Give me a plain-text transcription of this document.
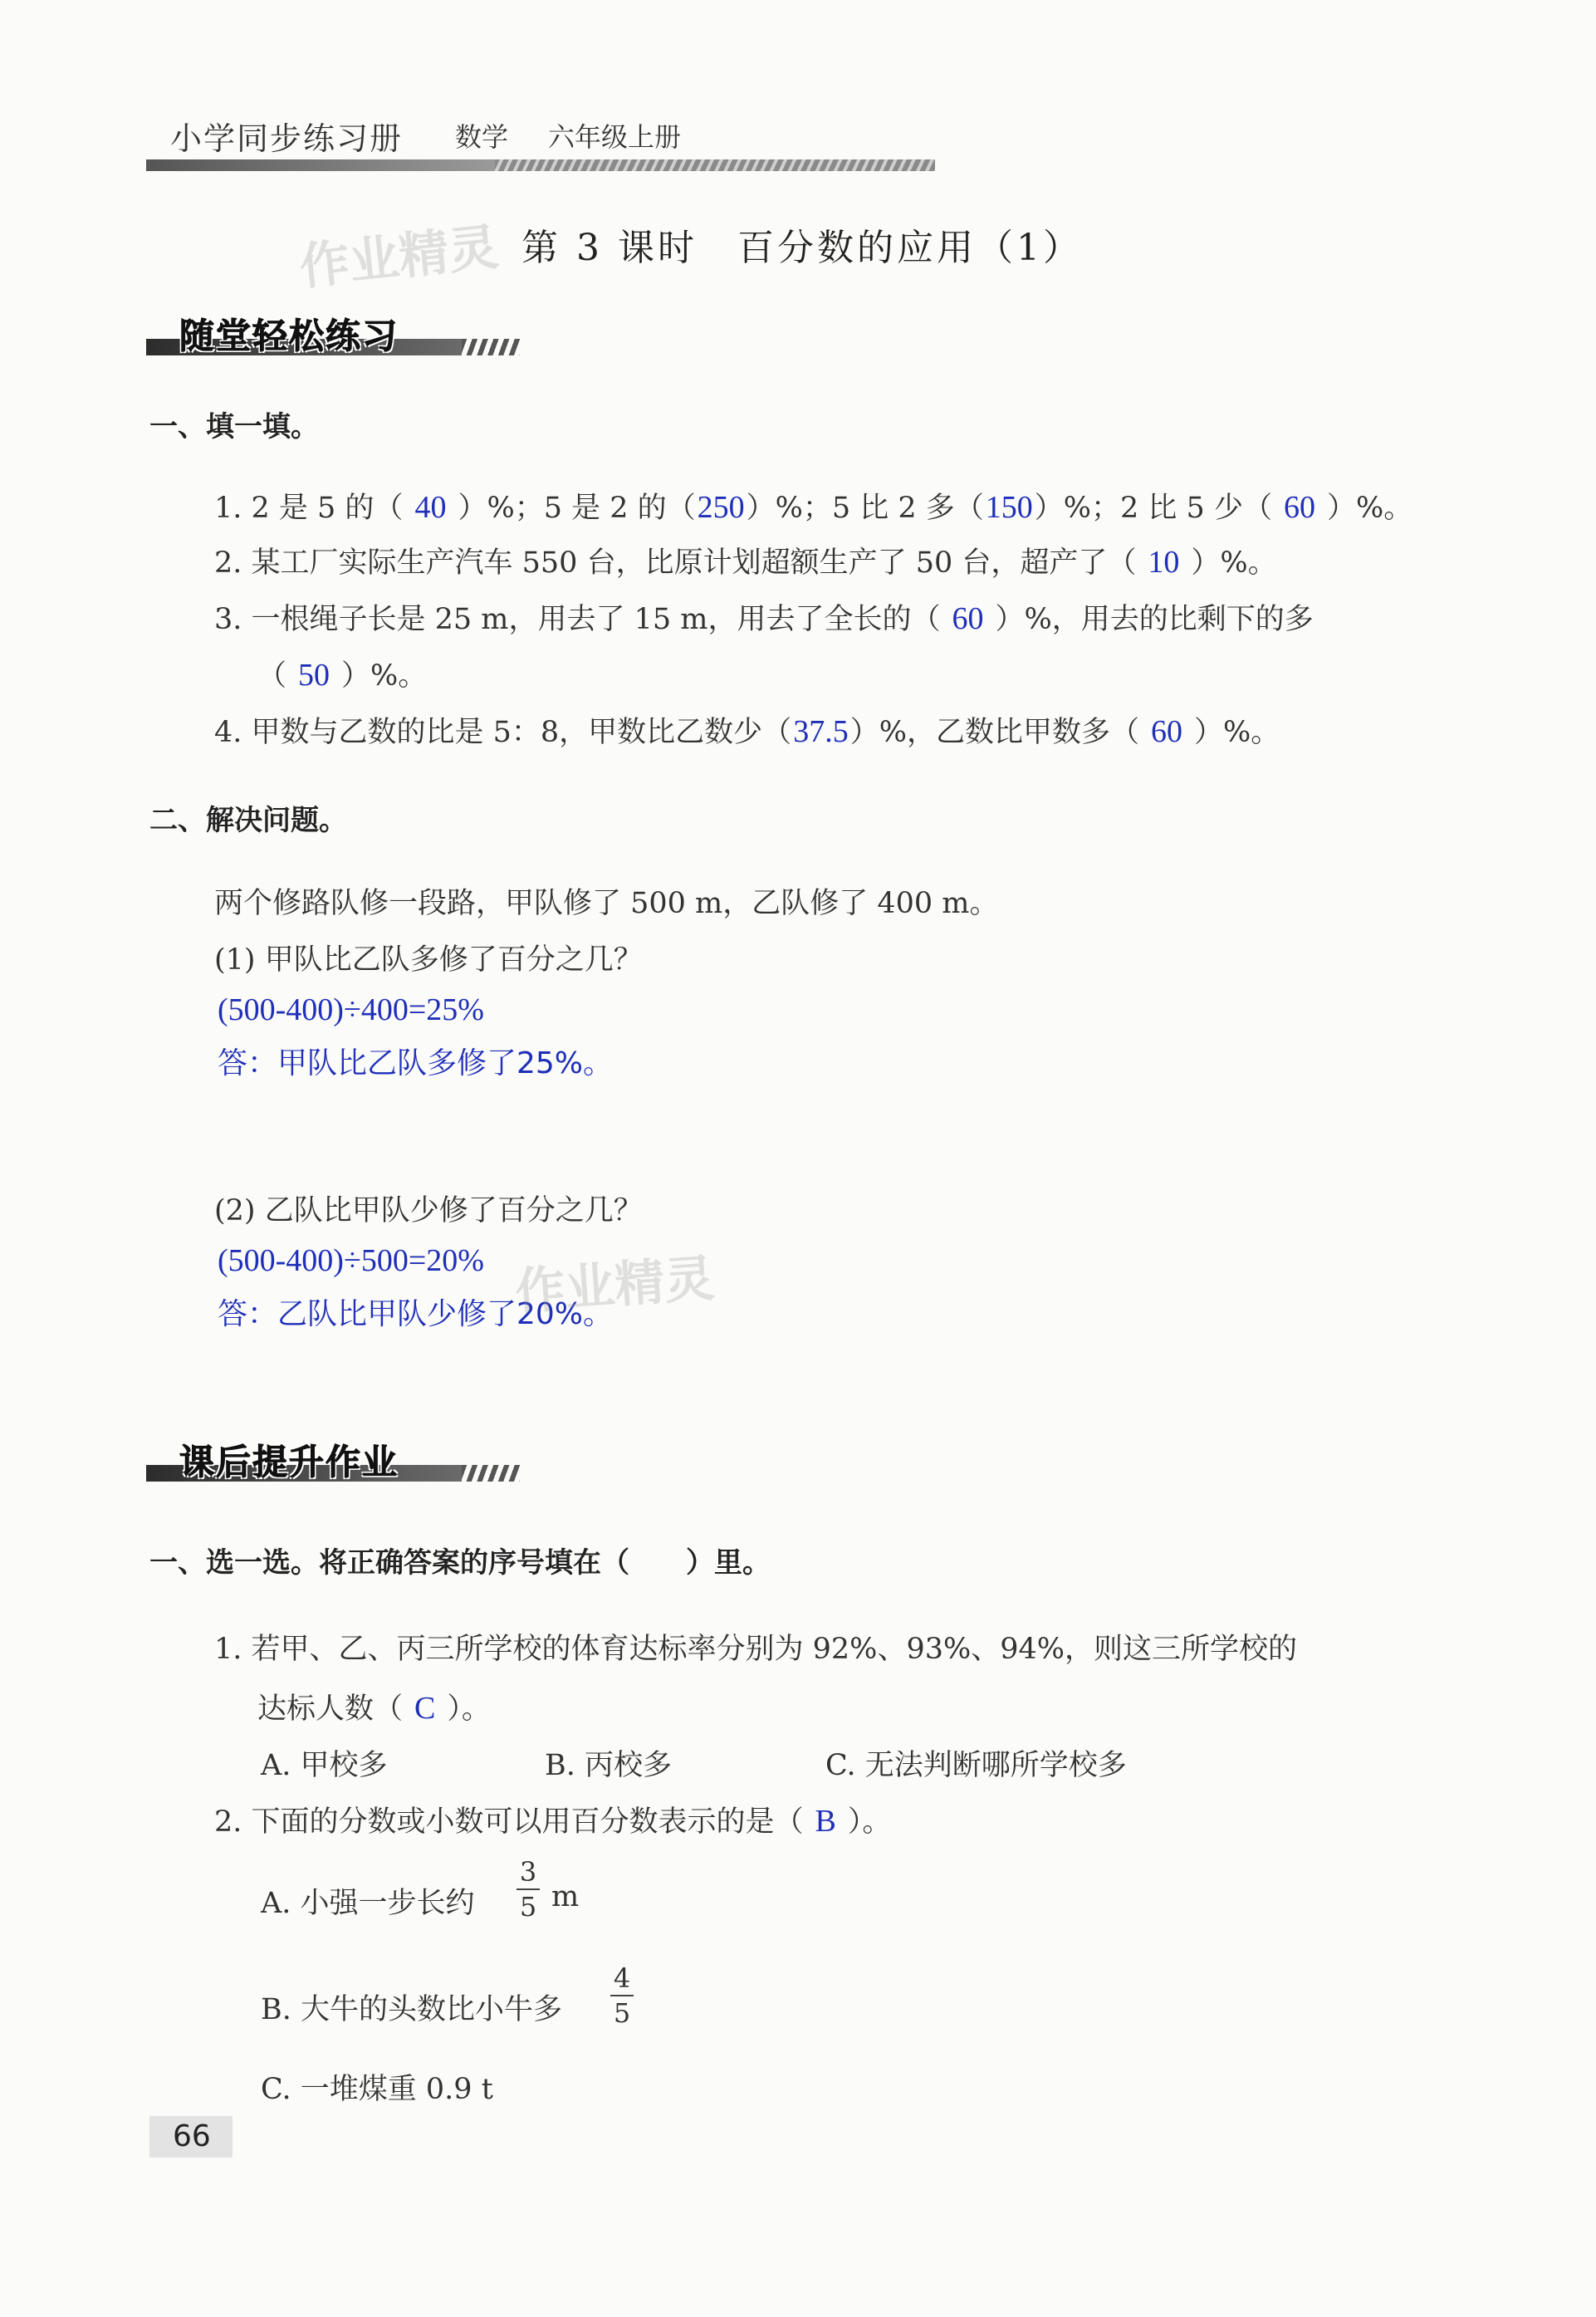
小学同步练习册 数学 六年级上册
作业精灵 第 3 课时　百分数的应用（1）
随堂轻松练习
一、填一填。
1. 2 是 5 的（ 40 ）%；5 是 2 的（250）%；5 比 2 多（150）%；2 比 5 少（ 60 ）%。
2. 某工厂实际生产汽车 550 台，比原计划超额生产了 50 台，超产了（ 10 ）%。
3. 一根绳子长是 25 m，用去了 15 m，用去了全长的（ 60 ）%，用去的比剩下的多
（ 50 ）%。
4. 甲数与乙数的比是 5：8，甲数比乙数少（37.5）%，乙数比甲数多（ 60 ）%。
二、解决问题。
两个修路队修一段路，甲队修了 500 m，乙队修了 400 m。
(1) 甲队比乙队多修了百分之几？
(500-400)÷400=25%
答：甲队比乙队多修了25%。
(2) 乙队比甲队少修了百分之几？
(500-400)÷500=20%
答：乙队比甲队少修了20%。
作业精灵
课后提升作业
一、选一选。将正确答案的序号填在（　　）里。
1. 若甲、乙、丙三所学校的体育达标率分别为 92%、93%、94%，则这三所学校的
达标人数（ C ）。
A. 甲校多	B. 丙校多	C. 无法判断哪所学校多
2. 下面的分数或小数可以用百分数表示的是（ B ）。
A. 小强一步长约
3
5 m
B. 大牛的头数比小牛多
4
5
C. 一堆煤重 0.9 t
66
